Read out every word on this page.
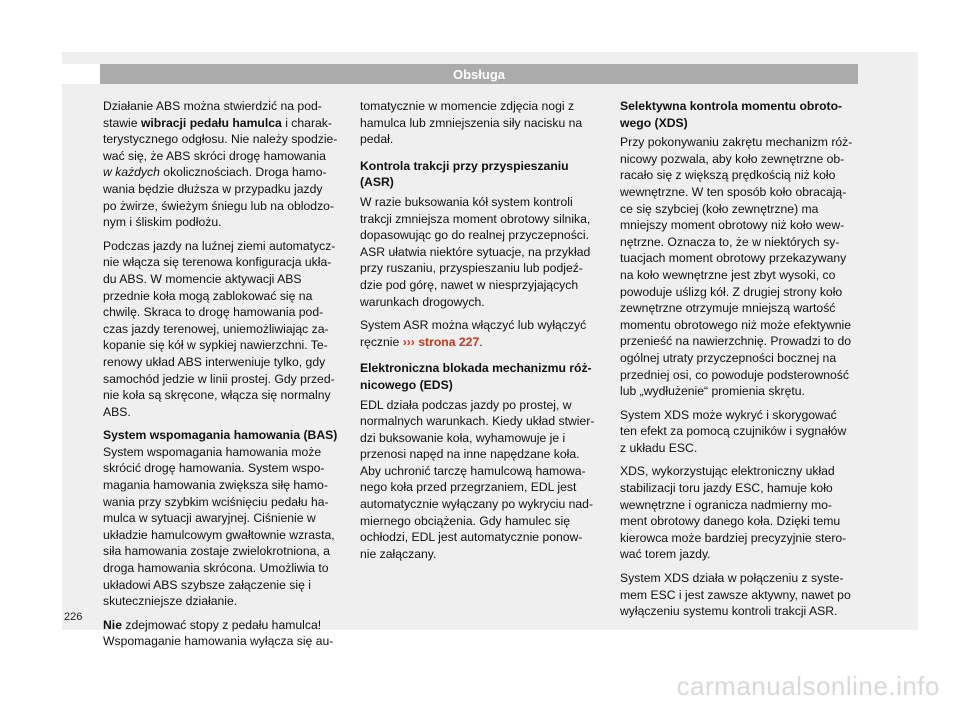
Obsługa

Działanie ABS można stwierdzić na pod-
stawie wibracji pedału hamulca i charak-
terystycznego odgłosu. Nie należy spodzie-
wać się, że ABS skróci drogę hamowania
w każdych okolicznościach. Droga hamo-
wania będzie dłuższa w przypadku jazdy
po żwirze, świeżym śniegu lub na oblodzo-
nym i śliskim podłożu.

Podczas jazdy na luźnej ziemi automatycz-
nie włącza się terenowa konfiguracja ukła-
du ABS. W momencie aktywacji ABS
przednie koła mogą zablokować się na
chwilę. Skraca to drogę hamowania pod-
czas jazdy terenowej, uniemożliwiając za-
kopanie się kół w sypkiej nawierzchni. Te-
renowy układ ABS interweniuje tylko, gdy
samochód jedzie w linii prostej. Gdy przed-
nie koła są skręcone, włącza się normalny
ABS.

System wspomagania hamowania (BAS)

System wspomagania hamowania może
skrócić drogę hamowania. System wspo-
magania hamowania zwiększa siłę hamo-
wania przy szybkim wciśnięciu pedału ha-
mulca w sytuacji awaryjnej. Ciśnienie w
układzie hamulcowym gwałtownie wzrasta,
siła hamowania zostaje zwielokrotniona, a
droga hamowania skrócona. Umożliwia to
układowi ABS szybsze załączenie się i
skuteczniejsze działanie.

Nie zdejmować stopy z pedału hamulca!
Wspomaganie hamowania wyłącza się au-

tomatycznie w momencie zdjęcia nogi z
hamulca lub zmniejszenia siły nacisku na
pedał.

Kontrola trakcji przy przyspieszaniu
(ASR)

W razie buksowania kół system kontroli
trakcji zmniejsza moment obrotowy silnika,
dopasowując go do realnej przyczepności.
ASR ułatwia niektóre sytuacje, na przykład
przy ruszaniu, przyspieszaniu lub podjeź-
dzie pod górę, nawet w niesprzyjających
warunkach drogowych.

System ASR można włączyć lub wyłączyć
ręcznie ››› strona 227.

Elektroniczna blokada mechanizmu róż-
nicowego (EDS)

EDL działa podczas jazdy po prostej, w
normalnych warunkach. Kiedy układ stwier-
dzi buksowanie koła, wyhamowuje je i
przenosi napęd na inne napędzane koła.
Aby uchronić tarczę hamulcową hamowa-
nego koła przed przegrzaniem, EDL jest
automatycznie wyłączany po wykryciu nad-
miernego obciążenia. Gdy hamulec się
ochłodzi, EDL jest automatycznie ponow-
nie załączany.

Selektywna kontrola momentu obroto-
wego (XDS)

Przy pokonywaniu zakrętu mechanizm róż-
nicowy pozwala, aby koło zewnętrzne ob-
racało się z większą prędkością niż koło
wewnętrzne. W ten sposób koło obracają-
ce się szybciej (koło zewnętrzne) ma
mniejszy moment obrotowy niż koło wew-
nętrzne. Oznacza to, że w niektórych sy-
tuacjach moment obrotowy przekazywany
na koło wewnętrzne jest zbyt wysoki, co
powoduje uślizg kół. Z drugiej strony koło
zewnętrzne otrzymuje mniejszą wartość
momentu obrotowego niż może efektywnie
przenieść na nawierzchnię. Prowadzi to do
ogólnej utraty przyczepności bocznej na
przedniej osi, co powoduje podsterowność
lub „wydłużenie“ promienia skrętu.

System XDS może wykryć i skorygować
ten efekt za pomocą czujników i sygnałów
z układu ESC.

XDS, wykorzystując elektroniczny układ
stabilizacji toru jazdy ESC, hamuje koło
wewnętrzne i ogranicza nadmierny mo-
ment obrotowy danego koła. Dzięki temu
kierowca może bardziej precyzyjnie stero-
wać torem jazdy.

System XDS działa w połączeniu z syste-
mem ESC i jest zawsze aktywny, nawet po
wyłączeniu systemu kontroli trakcji ASR.

226
carmanualsonline.info
